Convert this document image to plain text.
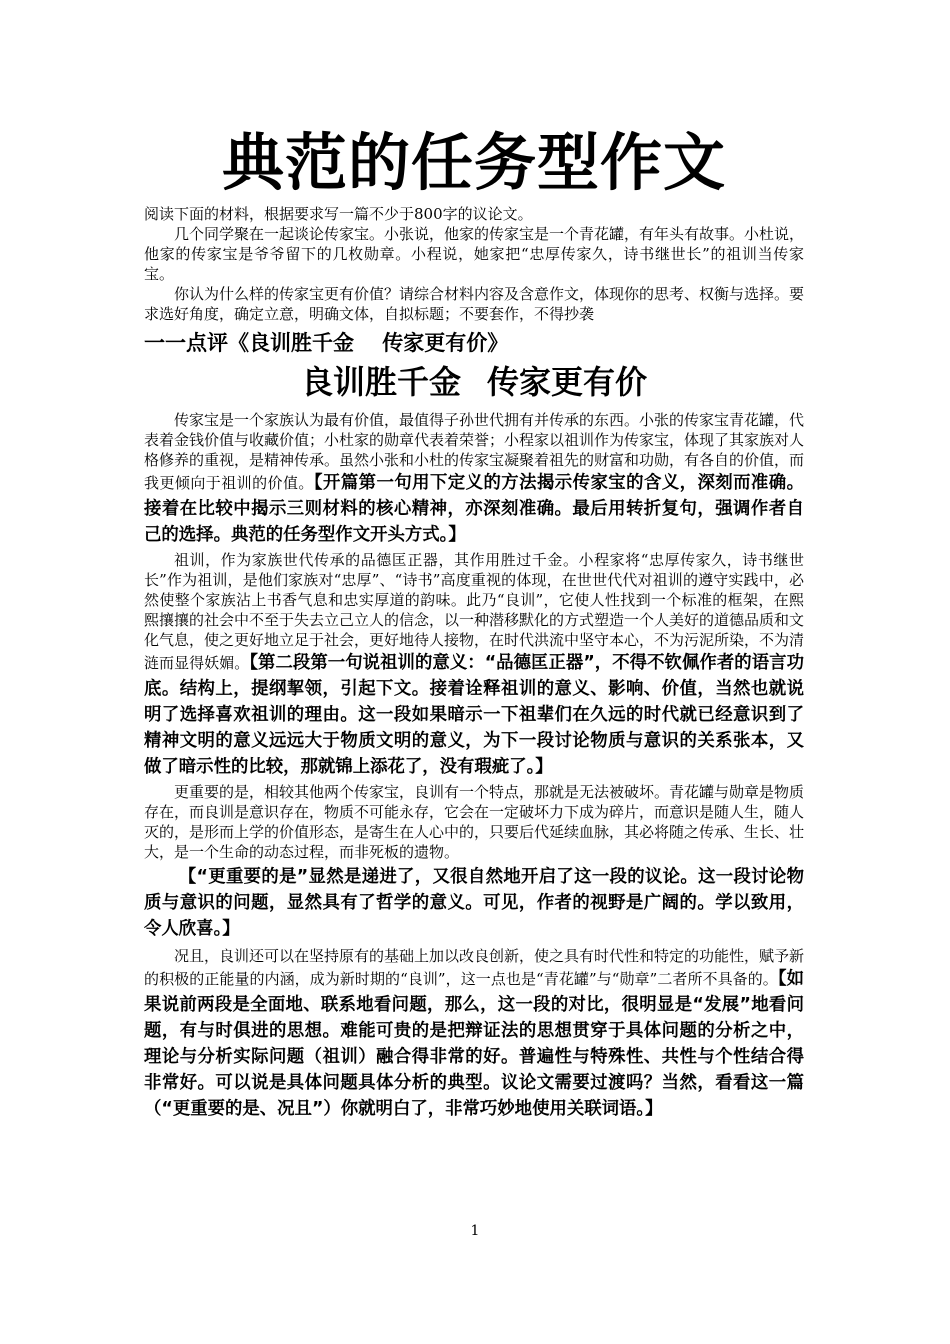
典范的任务型作文

阅读下面的材料，根据要求写一篇不少于800字的议论文。

几个同学聚在一起谈论传家宝。小张说，他家的传家宝是一个青花罐，有年头有故事。小杜说，他家的传家宝是爷爷留下的几枚勋章。小程说，她家把“忠厚传家久，诗书继世长”的祖训当传家宝。

你认为什么样的传家宝更有价值？请综合材料内容及含意作文，体现你的思考、权衡与选择。要求选好角度，确定立意，明确文体，自拟标题；不要套作，不得抄袭

一一点评《良训胜千金　 传家更有价》
良训胜千金 传家更有价

传家宝是一个家族认为最有价值，最值得子孙世代拥有并传承的东西。小张的传家宝青花罐，代表着金钱价值与收藏价值；小杜家的勋章代表着荣誉；小程家以祖训作为传家宝，体现了其家族对人格修养的重视，是精神传承。虽然小张和小杜的传家宝凝聚着祖先的财富和功勋，有各自的价值，而我更倾向于祖训的价值。【开篇第一句用下定义的方法揭示传家宝的含义，深刻而准确。接着在比较中揭示三则材料的核心精神，亦深刻准确。最后用转折复句，强调作者自己的选择。典范的任务型作文开头方式。】

祖训，作为家族世代传承的品德匡正器，其作用胜过千金。小程家将“忠厚传家久，诗书继世长”作为祖训，是他们家族对“忠厚”、“诗书”高度重视的体现，在世世代代对祖训的遵守实践中，必然使整个家族沾上书香气息和忠实厚道的韵味。此乃“良训”，它使人性找到一个标准的框架，在熙熙攘攘的社会中不至于失去立己立人的信念，以一种潜移默化的方式塑造一个人美好的道德品质和文化气息，使之更好地立足于社会，更好地待人接物，在时代洪流中坚守本心，不为污泥所染，不为清涟而显得妖媚。【第二段第一句说祖训的意义：“品德匡正器”，不得不钦佩作者的语言功底。结构上，提纲挈领，引起下文。接着诠释祖训的意义、影响、价值，当然也就说明了选择喜欢祖训的理由。这一段如果暗示一下祖辈们在久远的时代就已经意识到了精神文明的意义远远大于物质文明的意义，为下一段讨论物质与意识的关系张本，又做了暗示性的比较，那就锦上添花了，没有瑕疵了。】

更重要的是，相较其他两个传家宝，良训有一个特点，那就是无法被破坏。青花罐与勋章是物质存在，而良训是意识存在，物质不可能永存，它会在一定破坏力下成为碎片，而意识是随人生，随人灭的，是形而上学的价值形态，是寄生在人心中的，只要后代延续血脉，其必将随之传承、生长、壮大，是一个生命的动态过程，而非死板的遗物。

【“更重要的是”显然是递进了，又很自然地开启了这一段的议论。这一段讨论物质与意识的问题，显然具有了哲学的意义。可见，作者的视野是广阔的。学以致用，令人欣喜。】

况且，良训还可以在坚持原有的基础上加以改良创新，使之具有时代性和特定的功能性，赋予新的积极的正能量的内涵，成为新时期的“良训”，这一点也是“青花罐”与“勋章”二者所不具备的。【如果说前两段是全面地、联系地看问题，那么，这一段的对比，很明显是“发展”地看问题，有与时俱进的思想。难能可贵的是把辩证法的思想贯穿于具体问题的分析之中，理论与分析实际问题（祖训）融合得非常的好。普遍性与特殊性、共性与个性结合得非常好。可以说是具体问题具体分析的典型。议论文需要过渡吗？当然，看看这一篇（“更重要的是、况且”）你就明白了，非常巧妙地使用关联词语。】

1
